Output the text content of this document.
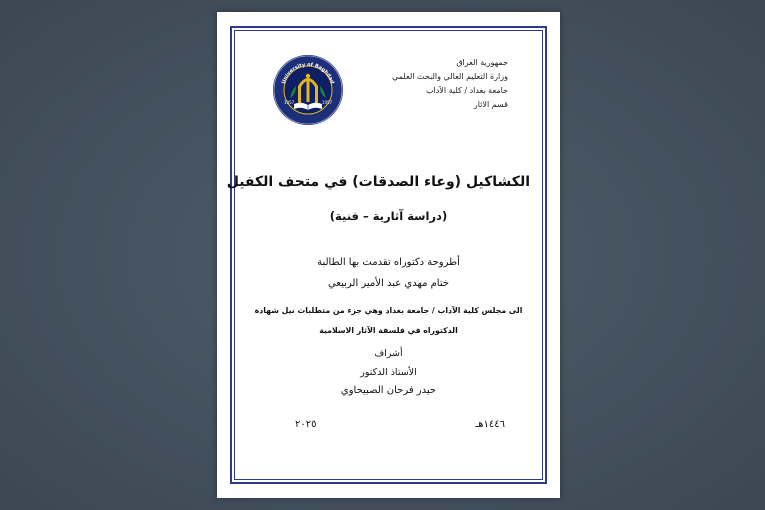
جمهورية العراق
وزارة التعليم العالي والبحث العلمي
جامعة بغداد / كلية الآداب
قسم الاثار
University of Baghdad
1957	1957
الكشاكيل (وعاء الصدقات) في متحف الكفيل
(دراسة آثارية – فنية)
أطروحة دكتوراه تقدمت بها الطالبة
ختام مهدي عبد الأمير الربيعي
الى مجلس كلية الآداب / جامعة بغداد وهي جزء من متطلبات نيل شهادة
الدكتوراه في فلسفة الآثار الاسلامية
أشراف
الأستاذ الدكتور
حيدر فرحان الصبيحاوي
١٤٤٦هـ
٢٠٢٥
